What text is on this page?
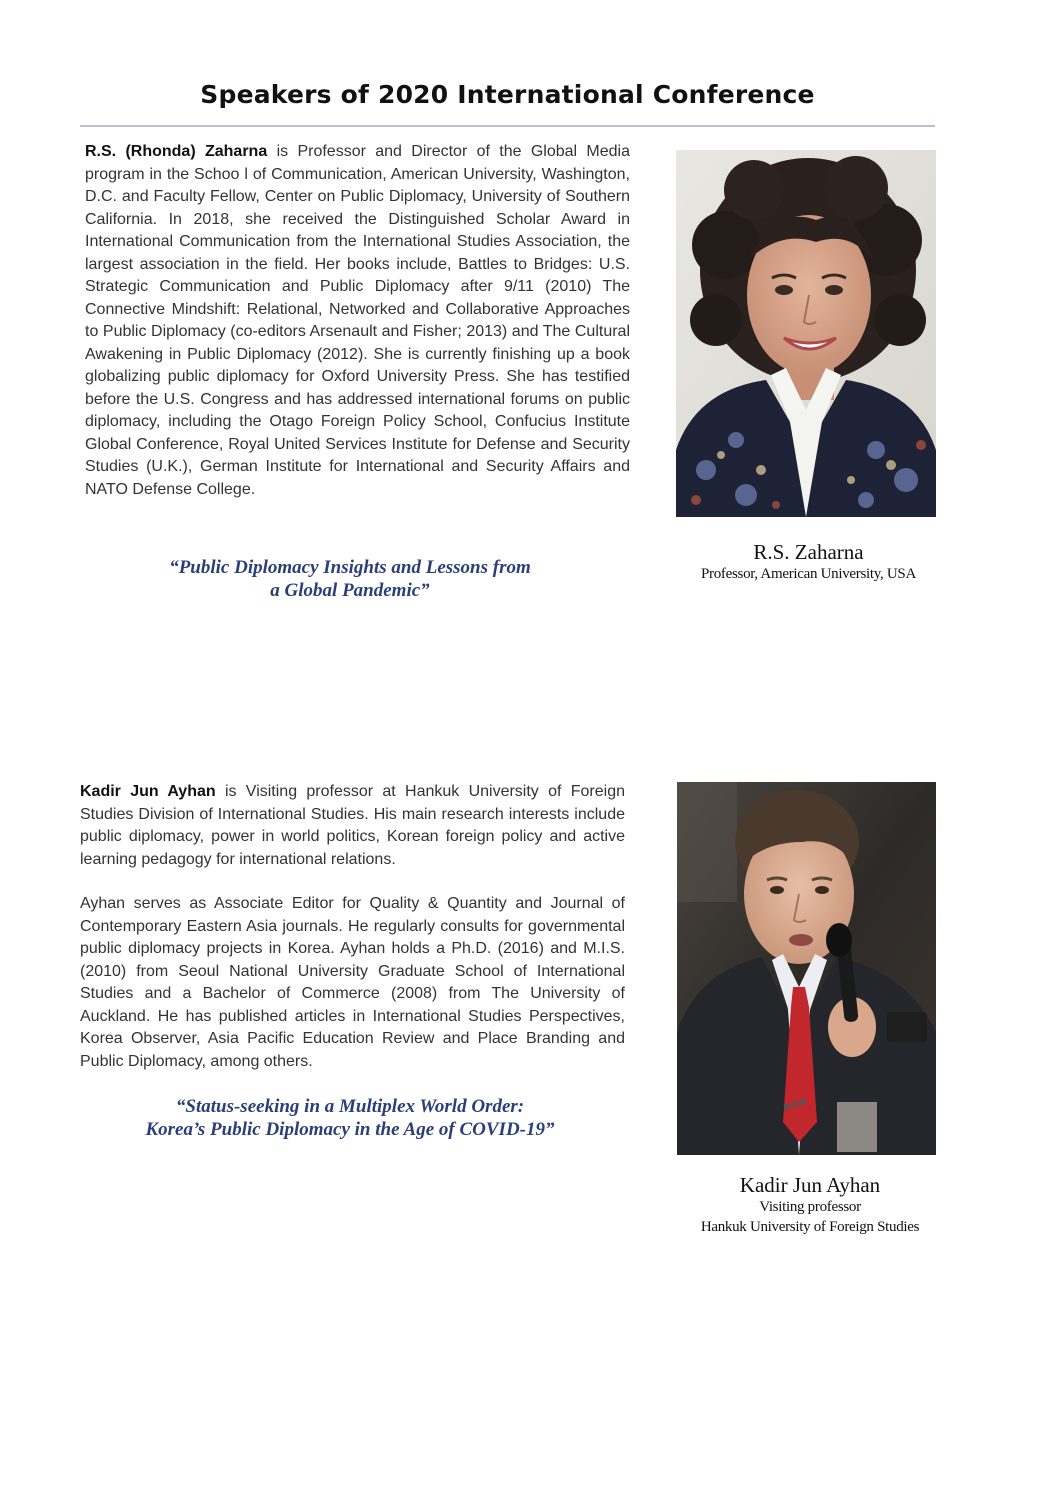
Speakers of 2020 International Conference

R.S. (Rhonda) Zaharna is Professor and Director of the Global Media program in the Schoo l of Communication, American University, Washington, D.C. and Faculty Fellow, Center on Public Diplomacy, University of Southern California. In 2018, she received the Distinguished Scholar Award in International Communication from the International Studies Association, the largest association in the field. Her books include, Battles to Bridges: U.S. Strategic Communication and Public Diplomacy after 9/11 (2010) The Connective Mindshift: Relational, Networked and Collaborative Approaches to Public Diplomacy (co-editors Arsenault and Fisher; 2013) and The Cultural Awakening in Public Diplomacy (2012). She is currently finishing up a book globalizing public diplomacy for Oxford University Press. She has testified before the U.S. Congress and has addressed international forums on public diplomacy, including the Otago Foreign Policy School, Confucius Institute Global Conference, Royal United Services Institute for Defense and Security Studies (U.K.), German Institute for International and Security Affairs and NATO Defense College.

“Public Diplomacy Insights and Lessons from
a Global Pandemic”
R.S. Zaharna
Professor, American University, USA

Kadir Jun Ayhan is Visiting professor at Hankuk University of Foreign Studies Division of International Studies. His main research interests include public diplomacy, power in world politics, Korean foreign policy and active learning pedagogy for international relations.

Ayhan serves as Associate Editor for Quality & Quantity and Journal of Contemporary Eastern Asia journals. He regularly consults for governmental public diplomacy projects in Korea. Ayhan holds a Ph.D. (2016) and M.I.S.(2010) from Seoul National University Graduate School of International Studies and a Bachelor of Commerce (2008) from The University of Auckland. He has published articles in International Studies Perspectives, Korea Observer, Asia Pacific Education Review and Place Branding and Public Diplomacy, among others.

“Status-seeking in a Multiplex World Order:
Korea’s Public Diplomacy in the Age of COVID-19”
Kadir Jun Ayhan
Visiting professor
Hankuk University of Foreign Studies
